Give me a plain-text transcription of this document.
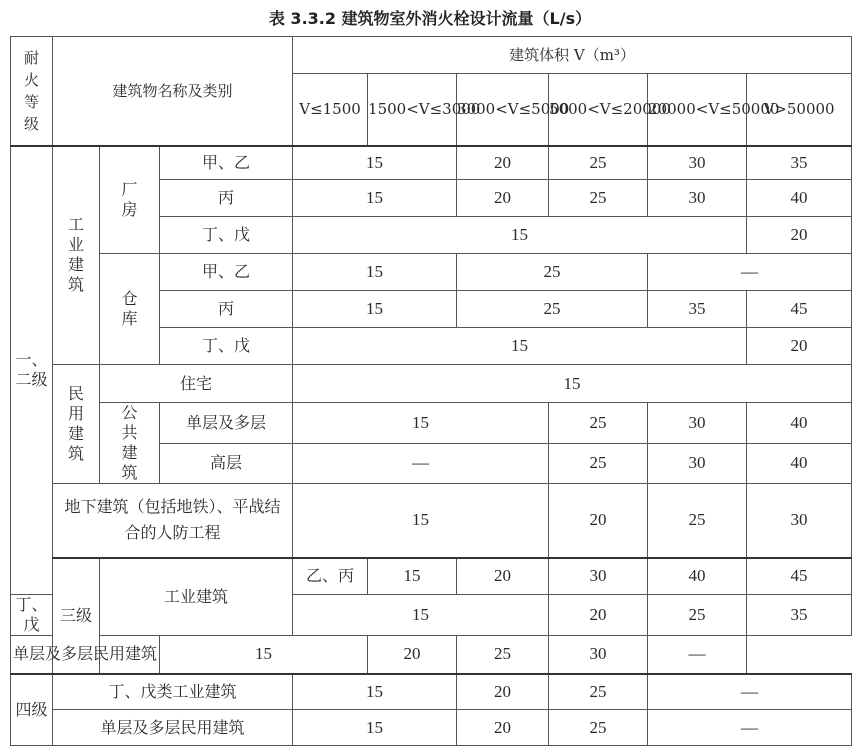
表 3.3.2 建筑物室外消火栓设计流量（L/s）
耐火等级	建筑物名称及类别			建筑体积 V（m³）						
				V≤1500	1500<V≤3000	3000<V≤5000	5000<V≤20000	20000<V≤50000	V>50000	
一、二级	工业建筑	厂房	甲、乙	15		20	25	30	35	
			丙	15		20	25	30	40	
			丁、戊	15					20	
		仓库	甲、乙	15		25		—		
			丙	15		25		35	45	
			丁、戊	15					20	
	民用建筑	住宅		15						
		公共建筑	单层及多层	15			25	30	40	
			高层	—			25	30	40	
	地下建筑（包括地铁）、平战结合的人防工程			15			20	25	30	
	三级	工业建筑		乙、丙	15	20	30	40	45	
丁、戊				15			20	25	35	
单层及多层民用建筑			15		20	25	30	—		
四级	丁、戊类工业建筑			15		20	25	—		
	单层及多层民用建筑			15		20	25	—		
